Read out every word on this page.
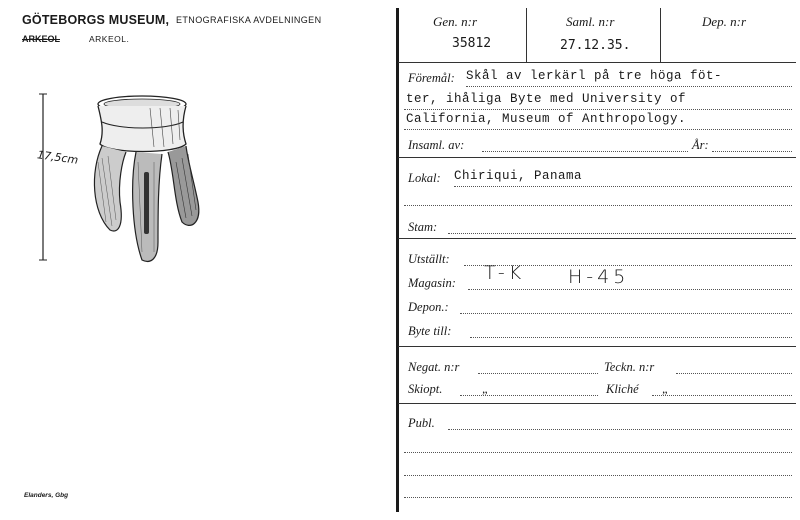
GÖTEBORGS MUSEUM, ETNOGRAFISKA AVDELNINGEN
ARKEOL	ARKEOL.
17,5cm
Elanders, Gbg
Gen. n:r
35812
Saml. n:r
27.12.35.
Dep. n:r
Föremål: Skål av lerkärl på tre höga föt-
ter, ihåliga Byte med University of
California, Museum of Anthropology.
Insaml. av:	År:
Lokal: Chiriqui, Panama
Stam:
Utställt:
Magasin: T-K H-45
Depon.:
Byte till:
Negat. n:r	Teckn. n:r
Skiopt.	„	Kliché „
Publ.
